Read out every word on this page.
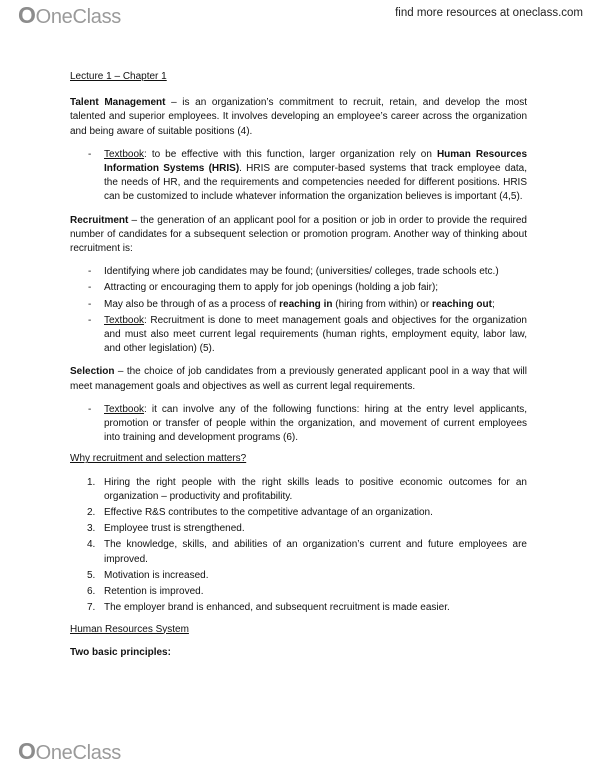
OOneClass	find more resources at oneclass.com

Lecture 1 – Chapter 1

Talent Management – is an organization’s commitment to recruit, retain, and develop the most talented and superior employees. It involves developing an employee’s career across the organization and being aware of suitable positions (4).

- Textbook: to be effective with this function, larger organization rely on Human Resources Information Systems (HRIS). HRIS are computer-based systems that track employee data, the needs of HR, and the requirements and competencies needed for different positions. HRIS can be customized to include whatever information the organization believes is important (4,5).

Recruitment – the generation of an applicant pool for a position or job in order to provide the required number of candidates for a subsequent selection or promotion program. Another way of thinking about recruitment is:

- Identifying where job candidates may be found; (universities/ colleges, trade schools etc.)
- Attracting or encouraging them to apply for job openings (holding a job fair);
- May also be through of as a process of reaching in (hiring from within) or reaching out;
- Textbook: Recruitment is done to meet management goals and objectives for the organization and must also meet current legal requirements (human rights, employment equity, labor law, and other legislation) (5).

Selection – the choice of job candidates from a previously generated applicant pool in a way that will meet management goals and objectives as well as current legal requirements.

- Textbook: it can involve any of the following functions: hiring at the entry level applicants, promotion or transfer of people within the organization, and movement of current employees into training and development programs (6).

Why recruitment and selection matters?

1. Hiring the right people with the right skills leads to positive economic outcomes for an organization – productivity and profitability.
2. Effective R&S contributes to the competitive advantage of an organization.
3. Employee trust is strengthened.
4. The knowledge, skills, and abilities of an organization’s current and future employees are improved.
5. Motivation is increased.
6. Retention is improved.
7. The employer brand is enhanced, and subsequent recruitment is made easier.

Human Resources System

Two basic principles:

OOneClass
